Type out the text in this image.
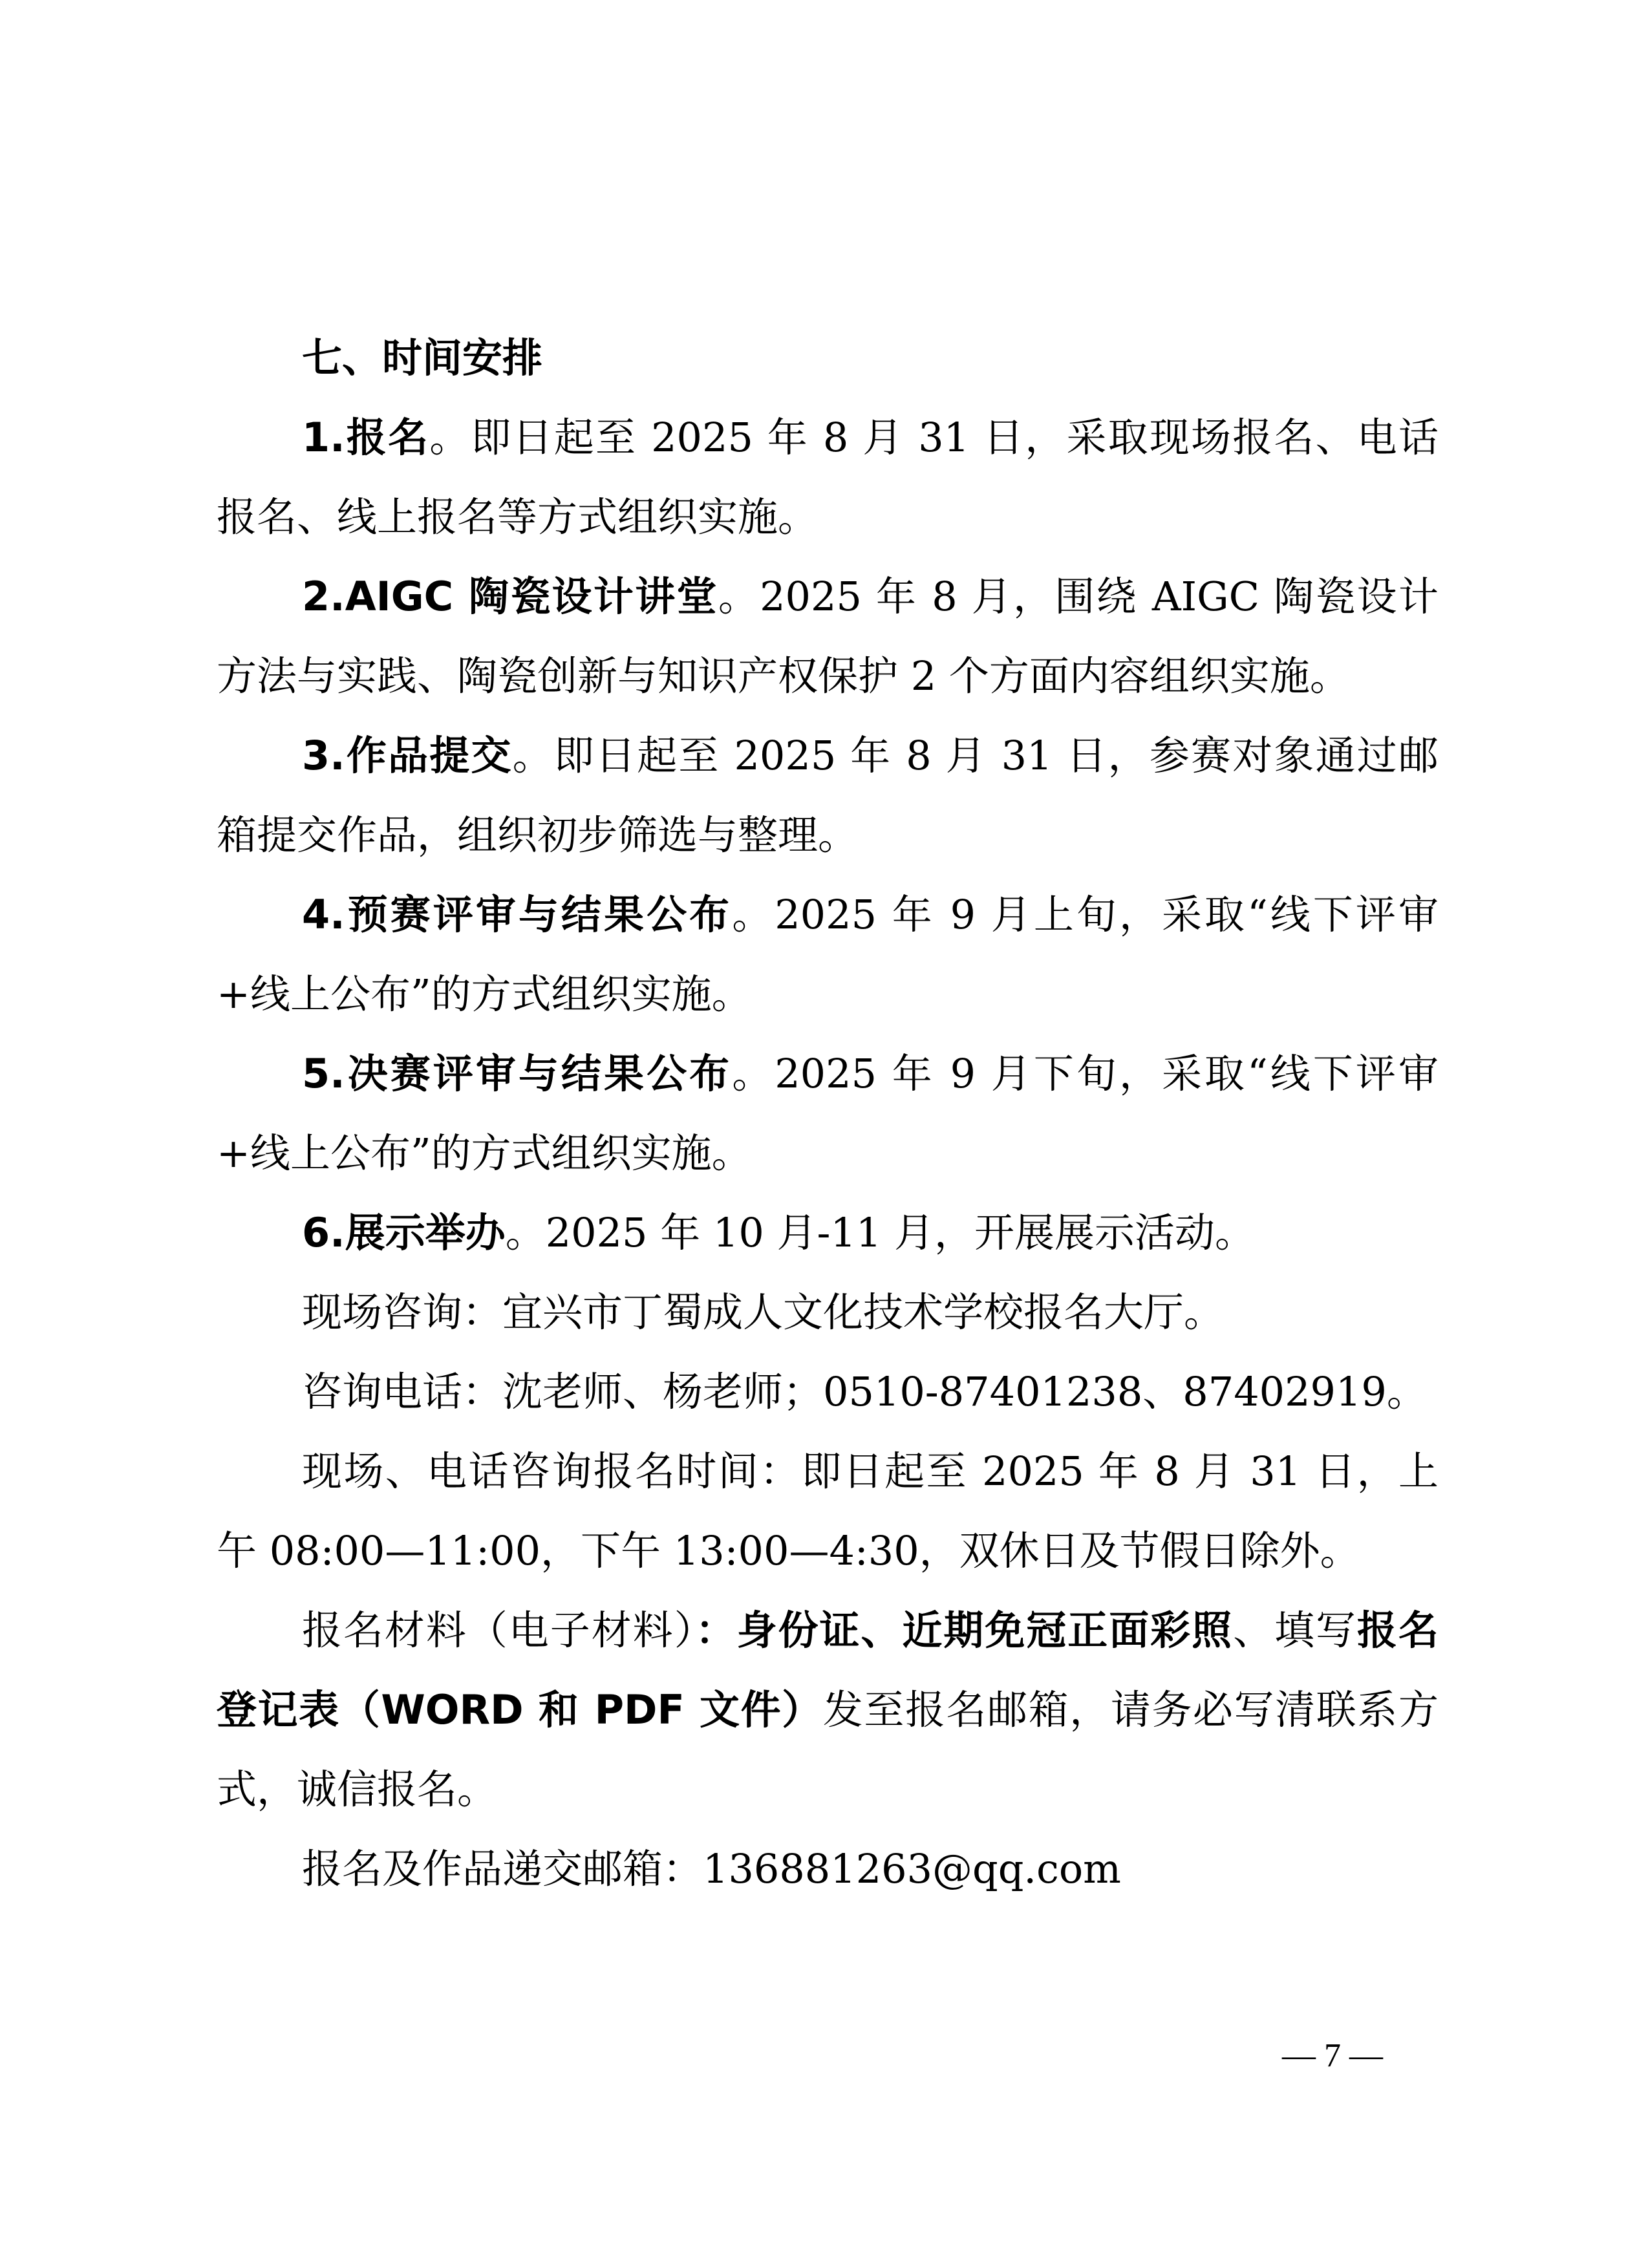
七、时间安排

1.报名。即日起至 2025 年 8 月 31 日，采取现场报名、电话报名、线上报名等方式组织实施。

2.AIGC 陶瓷设计讲堂。2025 年 8 月，围绕 AIGC 陶瓷设计方法与实践、陶瓷创新与知识产权保护 2 个方面内容组织实施。

3.作品提交。即日起至 2025 年 8 月 31 日，参赛对象通过邮箱提交作品，组织初步筛选与整理。

4.预赛评审与结果公布。2025 年 9 月上旬，采取“线下评审+线上公布”的方式组织实施。

5.决赛评审与结果公布。2025 年 9 月下旬，采取“线下评审+线上公布”的方式组织实施。

6.展示举办。2025 年 10 月-11 月，开展展示活动。

现场咨询：宜兴市丁蜀成人文化技术学校报名大厅。

咨询电话：沈老师、杨老师；0510-87401238、87402919。

现场、电话咨询报名时间：即日起至 2025 年 8 月 31 日，上午 08:00—11:00，下午 13:00—4:30，双休日及节假日除外。

报名材料（电子材料）：身份证、近期免冠正面彩照、填写报名登记表（WORD 和 PDF 文件）发至报名邮箱，请务必写清联系方式，诚信报名。

报名及作品递交邮箱：136881263@qq.com

— 7 —
